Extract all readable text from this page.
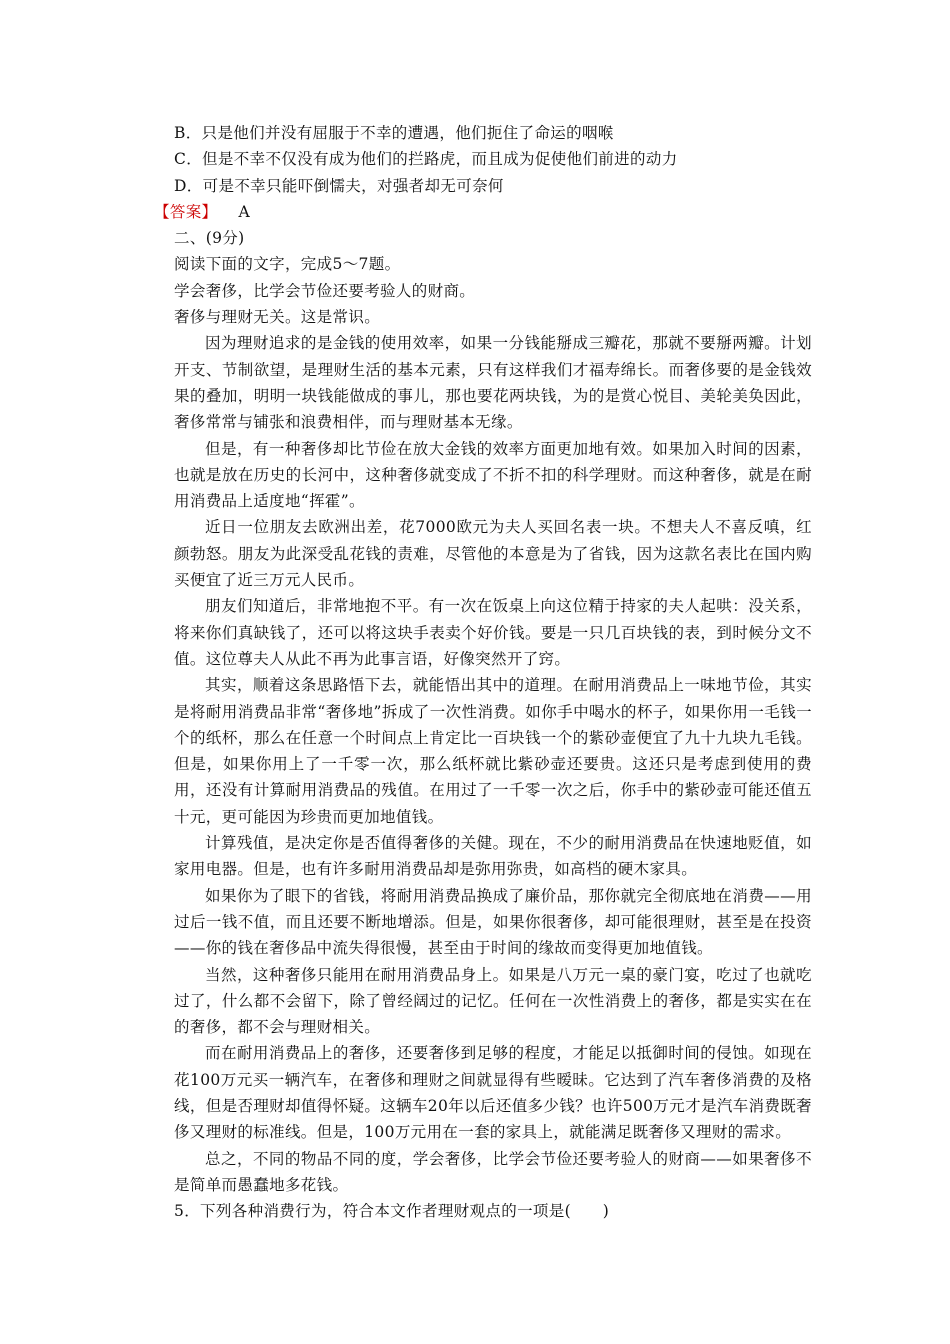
B．只是他们并没有屈服于不幸的遭遇，他们扼住了命运的咽喉
C．但是不幸不仅没有成为他们的拦路虎，而且成为促使他们前进的动力
D．可是不幸只能吓倒懦夫，对强者却无可奈何
【答案】 　 A
二、(9分)
阅读下面的文字，完成5～7题。
学会奢侈，比学会节俭还要考验人的财商。
奢侈与理财无关。这是常识。

因为理财追求的是金钱的使用效率，如果一分钱能掰成三瓣花，那就不要掰两瓣。计划开支、节制欲望，是理财生活的基本元素，只有这样我们才福寿绵长。而奢侈要的是金钱效果的叠加，明明一块钱能做成的事儿，那也要花两块钱，为的是赏心悦目、美轮美奂因此，奢侈常常与铺张和浪费相伴，而与理财基本无缘。

但是，有一种奢侈却比节俭在放大金钱的效率方面更加地有效。如果加入时间的因素，也就是放在历史的长河中，这种奢侈就变成了不折不扣的科学理财。而这种奢侈，就是在耐用消费品上适度地“挥霍”。

近日一位朋友去欧洲出差，花7000欧元为夫人买回名表一块。不想夫人不喜反嗔，红颜勃怒。朋友为此深受乱花钱的责难，尽管他的本意是为了省钱，因为这款名表比在国内购买便宜了近三万元人民币。

朋友们知道后，非常地抱不平。有一次在饭桌上向这位精于持家的夫人起哄：没关系，将来你们真缺钱了，还可以将这块手表卖个好价钱。要是一只几百块钱的表，到时候分文不值。这位尊夫人从此不再为此事言语，好像突然开了窍。

其实，顺着这条思路悟下去，就能悟出其中的道理。在耐用消费品上一味地节俭，其实是将耐用消费品非常“奢侈地”拆成了一次性消费。如你手中喝水的杯子，如果你用一毛钱一个的纸杯，那么在任意一个时间点上肯定比一百块钱一个的紫砂壶便宜了九十九块九毛钱。但是，如果你用上了一千零一次，那么纸杯就比紫砂壶还要贵。这还只是考虑到使用的费用，还没有计算耐用消费品的残值。在用过了一千零一次之后，你手中的紫砂壶可能还值五十元，更可能因为珍贵而更加地值钱。

计算残值，是决定你是否值得奢侈的关健。现在，不少的耐用消费品在快速地贬值，如家用电器。但是，也有许多耐用消费品却是弥用弥贵，如高档的硬木家具。

如果你为了眼下的省钱，将耐用消费品换成了廉价品，那你就完全彻底地在消费——用过后一钱不值，而且还要不断地增添。但是，如果你很奢侈，却可能很理财，甚至是在投资——你的钱在奢侈品中流失得很慢，甚至由于时间的缘故而变得更加地值钱。

当然，这种奢侈只能用在耐用消费品身上。如果是八万元一桌的豪门宴，吃过了也就吃过了，什么都不会留下，除了曾经阔过的记忆。任何在一次性消费上的奢侈，都是实实在在的奢侈，都不会与理财相关。

而在耐用消费品上的奢侈，还要奢侈到足够的程度，才能足以抵御时间的侵蚀。如现在花100万元买一辆汽车，在奢侈和理财之间就显得有些暧昧。它达到了汽车奢侈消费的及格线，但是否理财却值得怀疑。这辆车20年以后还值多少钱？也许500万元才是汽车消费既奢侈又理财的标准线。但是，100万元用在一套的家具上，就能满足既奢侈又理财的需求。

总之，不同的物品不同的度，学会奢侈，比学会节俭还要考验人的财商——如果奢侈不是简单而愚蠢地多花钱。

5．下列各种消费行为，符合本文作者理财观点的一项是(　　)
